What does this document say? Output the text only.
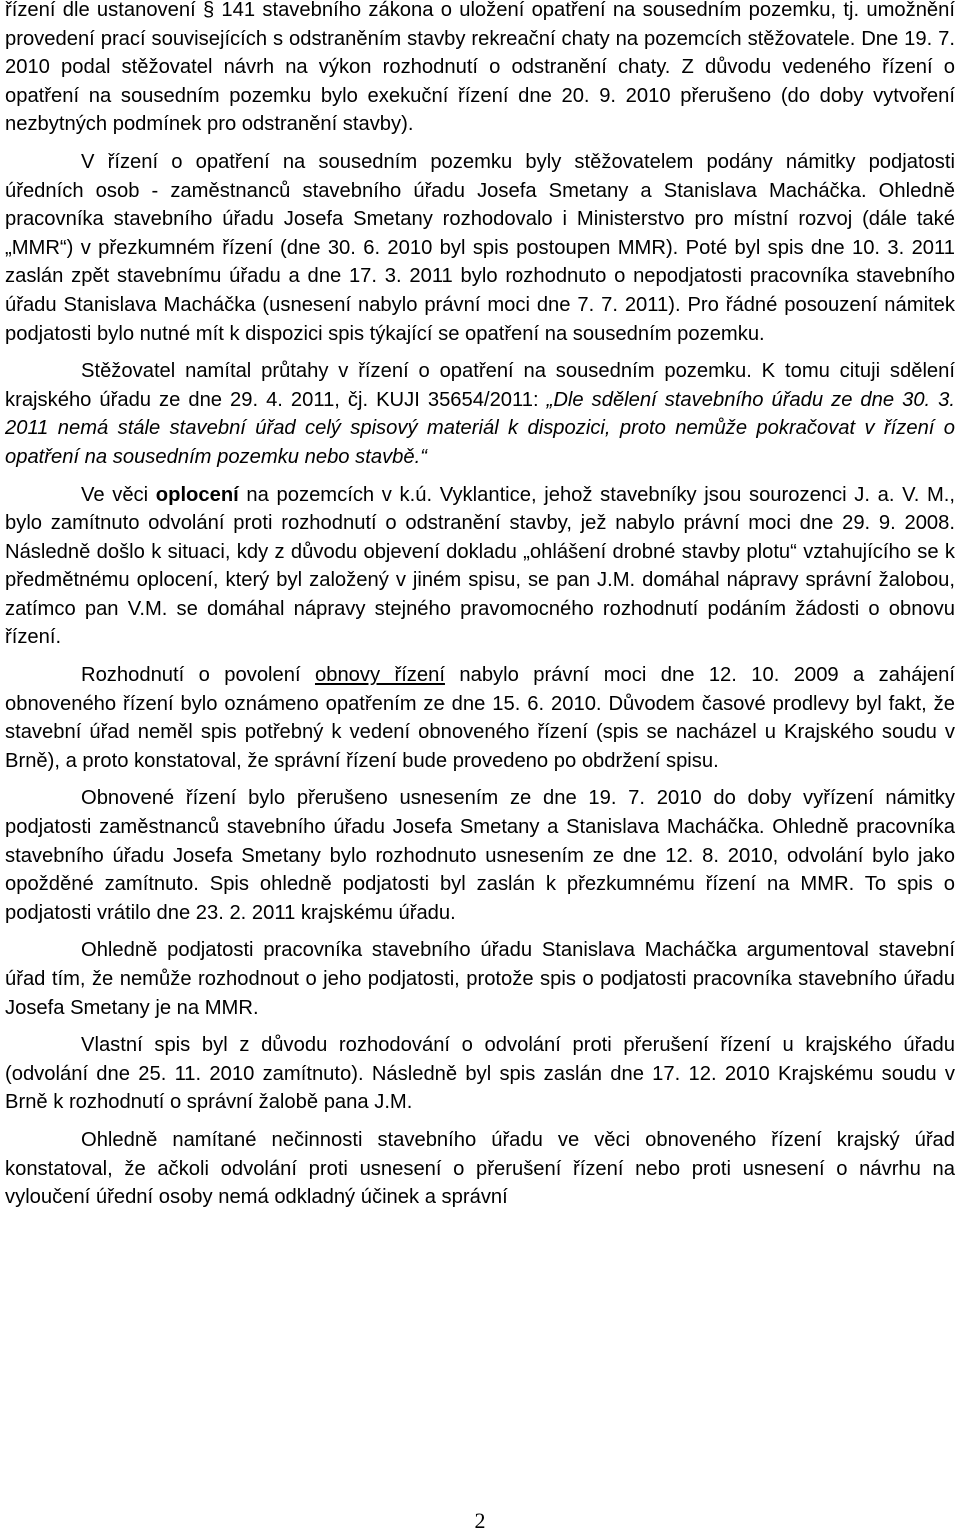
řízení dle ustanovení § 141 stavebního zákona o uložení opatření na sousedním pozemku, tj. umožnění provedení prací souvisejících s odstraněním stavby rekreační chaty na pozemcích stěžovatele. Dne 19. 7. 2010 podal stěžovatel návrh na výkon rozhodnutí o odstranění chaty. Z důvodu vedeného řízení o opatření na sousedním pozemku bylo exekuční řízení dne 20. 9. 2010 přerušeno (do doby vytvoření nezbytných podmínek pro odstranění stavby).

V řízení o opatření na sousedním pozemku byly stěžovatelem podány námitky podjatosti úředních osob - zaměstnanců stavebního úřadu Josefa Smetany a Stanislava Macháčka. Ohledně pracovníka stavebního úřadu Josefa Smetany rozhodovalo i Ministerstvo pro místní rozvoj (dále také „MMR“) v přezkumném řízení (dne 30. 6. 2010 byl spis postoupen MMR). Poté byl spis dne 10. 3. 2011 zaslán zpět stavebnímu úřadu a dne 17. 3. 2011 bylo rozhodnuto o nepodjatosti pracovníka stavebního úřadu Stanislava Macháčka (usnesení nabylo právní moci dne 7. 7. 2011). Pro řádné posouzení námitek podjatosti bylo nutné mít k dispozici spis týkající se opatření na sousedním pozemku.

Stěžovatel namítal průtahy v řízení o opatření na sousedním pozemku. K tomu cituji sdělení krajského úřadu ze dne 29. 4. 2011, čj. KUJI 35654/2011: „Dle sdělení stavebního úřadu ze dne 30. 3. 2011 nemá stále stavební úřad celý spisový materiál k dispozici, proto nemůže pokračovat v řízení o opatření na sousedním pozemku nebo stavbě.“

Ve věci oplocení na pozemcích v k.ú. Vyklantice, jehož stavebníky jsou sourozenci J. a. V. M., bylo zamítnuto odvolání proti rozhodnutí o odstranění stavby, jež nabylo právní moci dne 29. 9. 2008. Následně došlo k situaci, kdy z důvodu objevení dokladu „ohlášení drobné stavby plotu“ vztahujícího se k předmětnému oplocení, který byl založený v jiném spisu, se pan J.M. domáhal nápravy správní žalobou, zatímco pan V.M. se domáhal nápravy stejného pravomocného rozhodnutí podáním žádosti o obnovu řízení.

Rozhodnutí o povolení obnovy řízení nabylo právní moci dne 12. 10. 2009 a zahájení obnoveného řízení bylo oznámeno opatřením ze dne 15. 6. 2010. Důvodem časové prodlevy byl fakt, že stavební úřad neměl spis potřebný k vedení obnoveného řízení (spis se nacházel u Krajského soudu v Brně), a proto konstatoval, že správní řízení bude provedeno po obdržení spisu.

Obnovené řízení bylo přerušeno usnesením ze dne 19. 7. 2010 do doby vyřízení námitky podjatosti zaměstnanců stavebního úřadu Josefa Smetany a Stanislava Macháčka. Ohledně pracovníka stavebního úřadu Josefa Smetany bylo rozhodnuto usnesením ze dne 12. 8. 2010, odvolání bylo jako opožděné zamítnuto. Spis ohledně podjatosti byl zaslán k přezkumnému řízení na MMR. To spis o podjatosti vrátilo dne 23. 2. 2011 krajskému úřadu.

Ohledně podjatosti pracovníka stavebního úřadu Stanislava Macháčka argumentoval stavební úřad tím, že nemůže rozhodnout o jeho podjatosti, protože spis o podjatosti pracovníka stavebního úřadu Josefa Smetany je na MMR.

Vlastní spis byl z důvodu rozhodování o odvolání proti přerušení řízení u krajského úřadu (odvolání dne 25. 11. 2010 zamítnuto). Následně byl spis zaslán dne 17. 12. 2010 Krajskému soudu v Brně k rozhodnutí o správní žalobě pana J.M.

Ohledně namítané nečinnosti stavebního úřadu ve věci obnoveného řízení krajský úřad konstatoval, že ačkoli odvolání proti usnesení o přerušení řízení nebo proti usnesení o návrhu na vyloučení úřední osoby nemá odkladný účinek a správní

2
